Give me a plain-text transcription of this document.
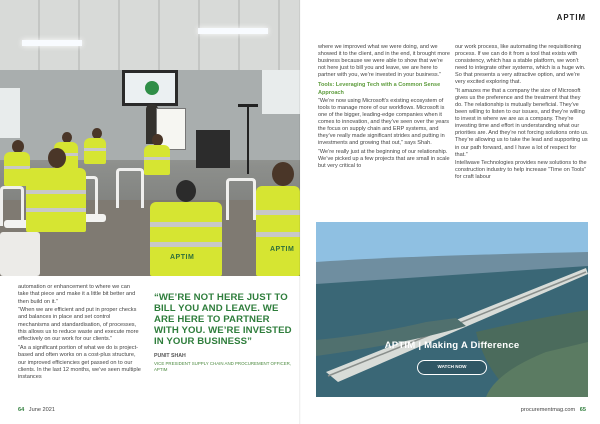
APTIM
APTIM

automation or enhancement to where we can take that piece and make it a little bit better and then build on it.”

“When we are efficient and put in proper checks and balances in place and set control mechanisms and standardisation, of processes, this allows us to reduce waste and execute more effectively on our work for our clients.”

“As a significant portion of what we do is project-based and often works on a cost-plus structure, our improved efficiencies get passed on to our clients. In the last 12 months, we’ve seen multiple instances

“WE’RE NOT HERE JUST TO BILL YOU AND LEAVE. WE ARE HERE TO PARTNER WITH YOU. WE’RE INVESTED IN YOUR BUSINESS”
PUNIT SHAH
VICE PRESIDENT SUPPLY CHAIN AND PROCUREMENT OFFICER, APTIM
64 June 2021
APTIM

where we improved what we were doing, and we showed it to the client, and in the end, it brought more business because we were able to show that we’re not here just to bill you and leave, we are here to partner with you, we’re invested in your business.”

Tools: Leveraging Tech with a Common Sense Approach

“We’re now using Microsoft’s existing ecosystem of tools to manage more of our workflows. Microsoft is one of the bigger, leading-edge companies when it comes to innovation, and they’ve seen over the years the focus on supply chain and ERP systems, and they’ve really made significant strides and putting in investments and growing that out,” says Shah.

“We’re really just at the beginning of our relationship. We’ve picked up a few projects that are small in scale but very critical to

our work process, like automating the requisitioning process. If we can do it from a tool that exists with consistency, which has a stable platform, we won’t need to integrate other systems, which is a huge win. So that presents a very attractive option, and we’re very excited exploring that.

“It amazes me that a company the size of Microsoft gives us the preference and the treatment that they do. The relationship is mutually beneficial. They’ve been willing to listen to our issues, and they’re willing to invest in where we are as a company. They’re investing time and effort in understanding what our priorities are. And they’re not forcing solutions onto us. They’re allowing us to take the lead and supporting us in our path forward, and I have a lot of respect for that.”

Intellwave Technologies provides new solutions to the construction industry to help increase “Time on Tools” for craft labour

APTIM | Making A Difference
WATCH NOW
procurementmag.com 65
